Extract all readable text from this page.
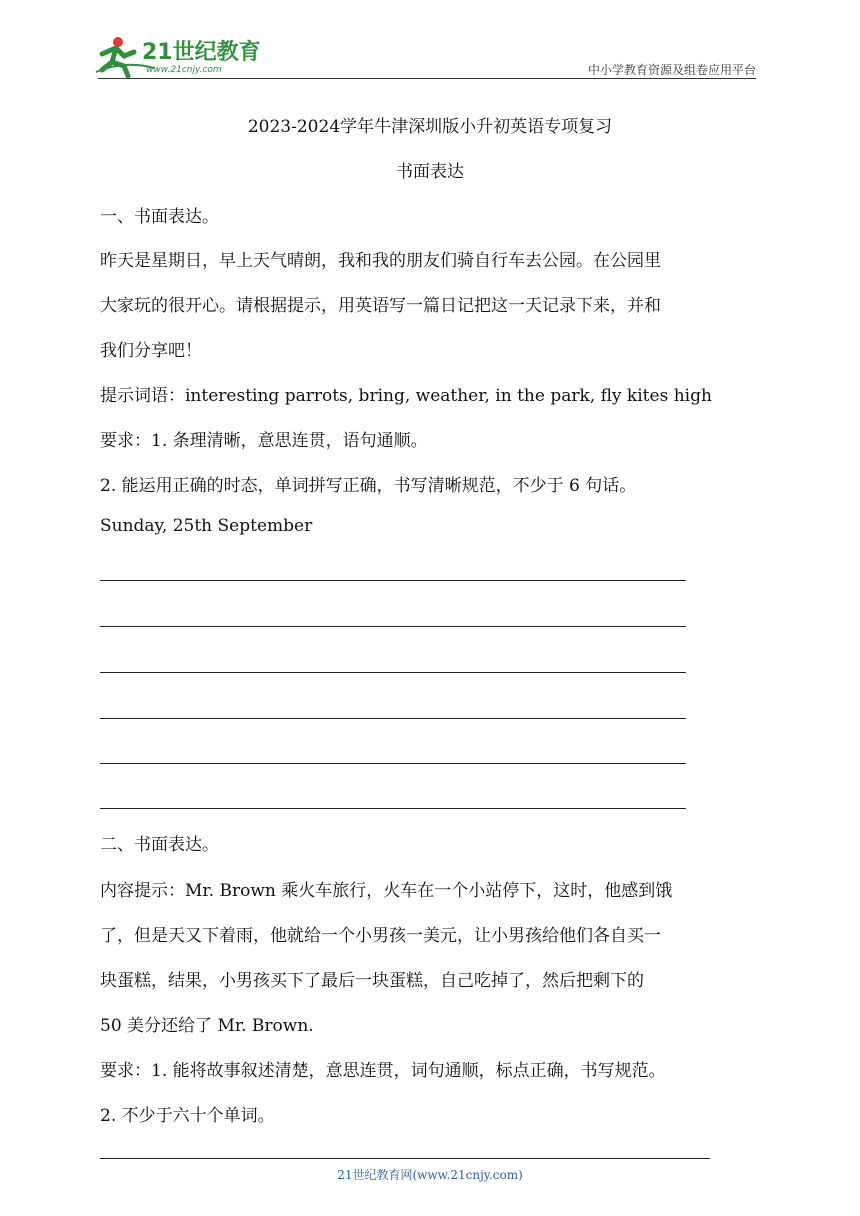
21世纪教育
www.21cnjy.com	中小学教育资源及组卷应用平台
2023-2024学年牛津深圳版小升初英语专项复习
书面表达
一、书面表达。
昨天是星期日，早上天气晴朗，我和我的朋友们骑自行车去公园。在公园里
大家玩的很开心。请根据提示，用英语写一篇日记把这一天记录下来，并和
我们分享吧！
提示词语：interesting parrots, bring, weather, in the park, fly kites high
要求：1. 条理清晰，意思连贯，语句通顺。
2. 能运用正确的时态，单词拼写正确，书写清晰规范，不少于 6 句话。
Sunday, 25th September
二、书面表达。
内容提示：Mr. Brown 乘火车旅行，火车在一个小站停下，这时，他感到饿
了，但是天又下着雨，他就给一个小男孩一美元，让小男孩给他们各自买一
块蛋糕，结果，小男孩买下了最后一块蛋糕，自己吃掉了，然后把剩下的
50 美分还给了 Mr. Brown.
要求：1. 能将故事叙述清楚，意思连贯，词句通顺，标点正确，书写规范。
2. 不少于六十个单词。
21世纪教育网(www.21cnjy.com)
